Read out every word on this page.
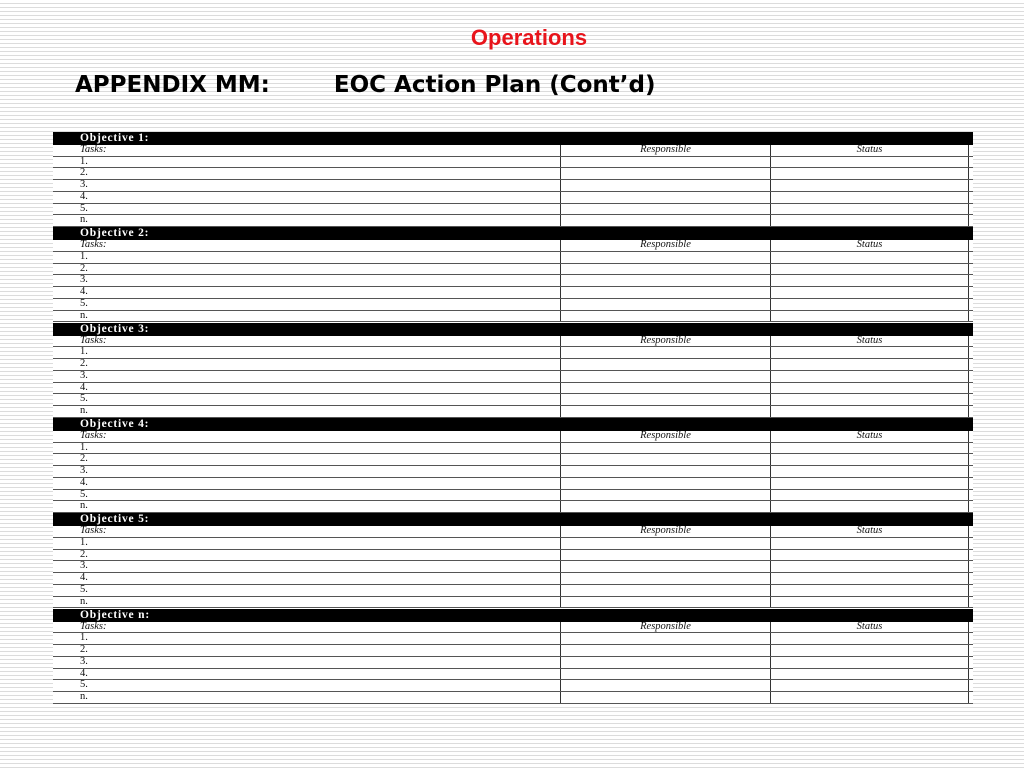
Operations
APPENDIX MM:	EOC Action Plan (Cont’d)
Objective 1:
Tasks:	Responsible	Status
1.
2.
3.
4.
5.
n.
Objective 2:
Tasks:	Responsible	Status
1.
2.
3.
4.
5.
n.
Objective 3:
Tasks:	Responsible	Status
1.
2.
3.
4.
5.
n.
Objective 4:
Tasks:	Responsible	Status
1.
2.
3.
4.
5.
n.
Objective 5:
Tasks:	Responsible	Status
1.
2.
3.
4.
5.
n.
Objective n:
Tasks:	Responsible	Status
1.
2.
3.
4.
5.
n.
